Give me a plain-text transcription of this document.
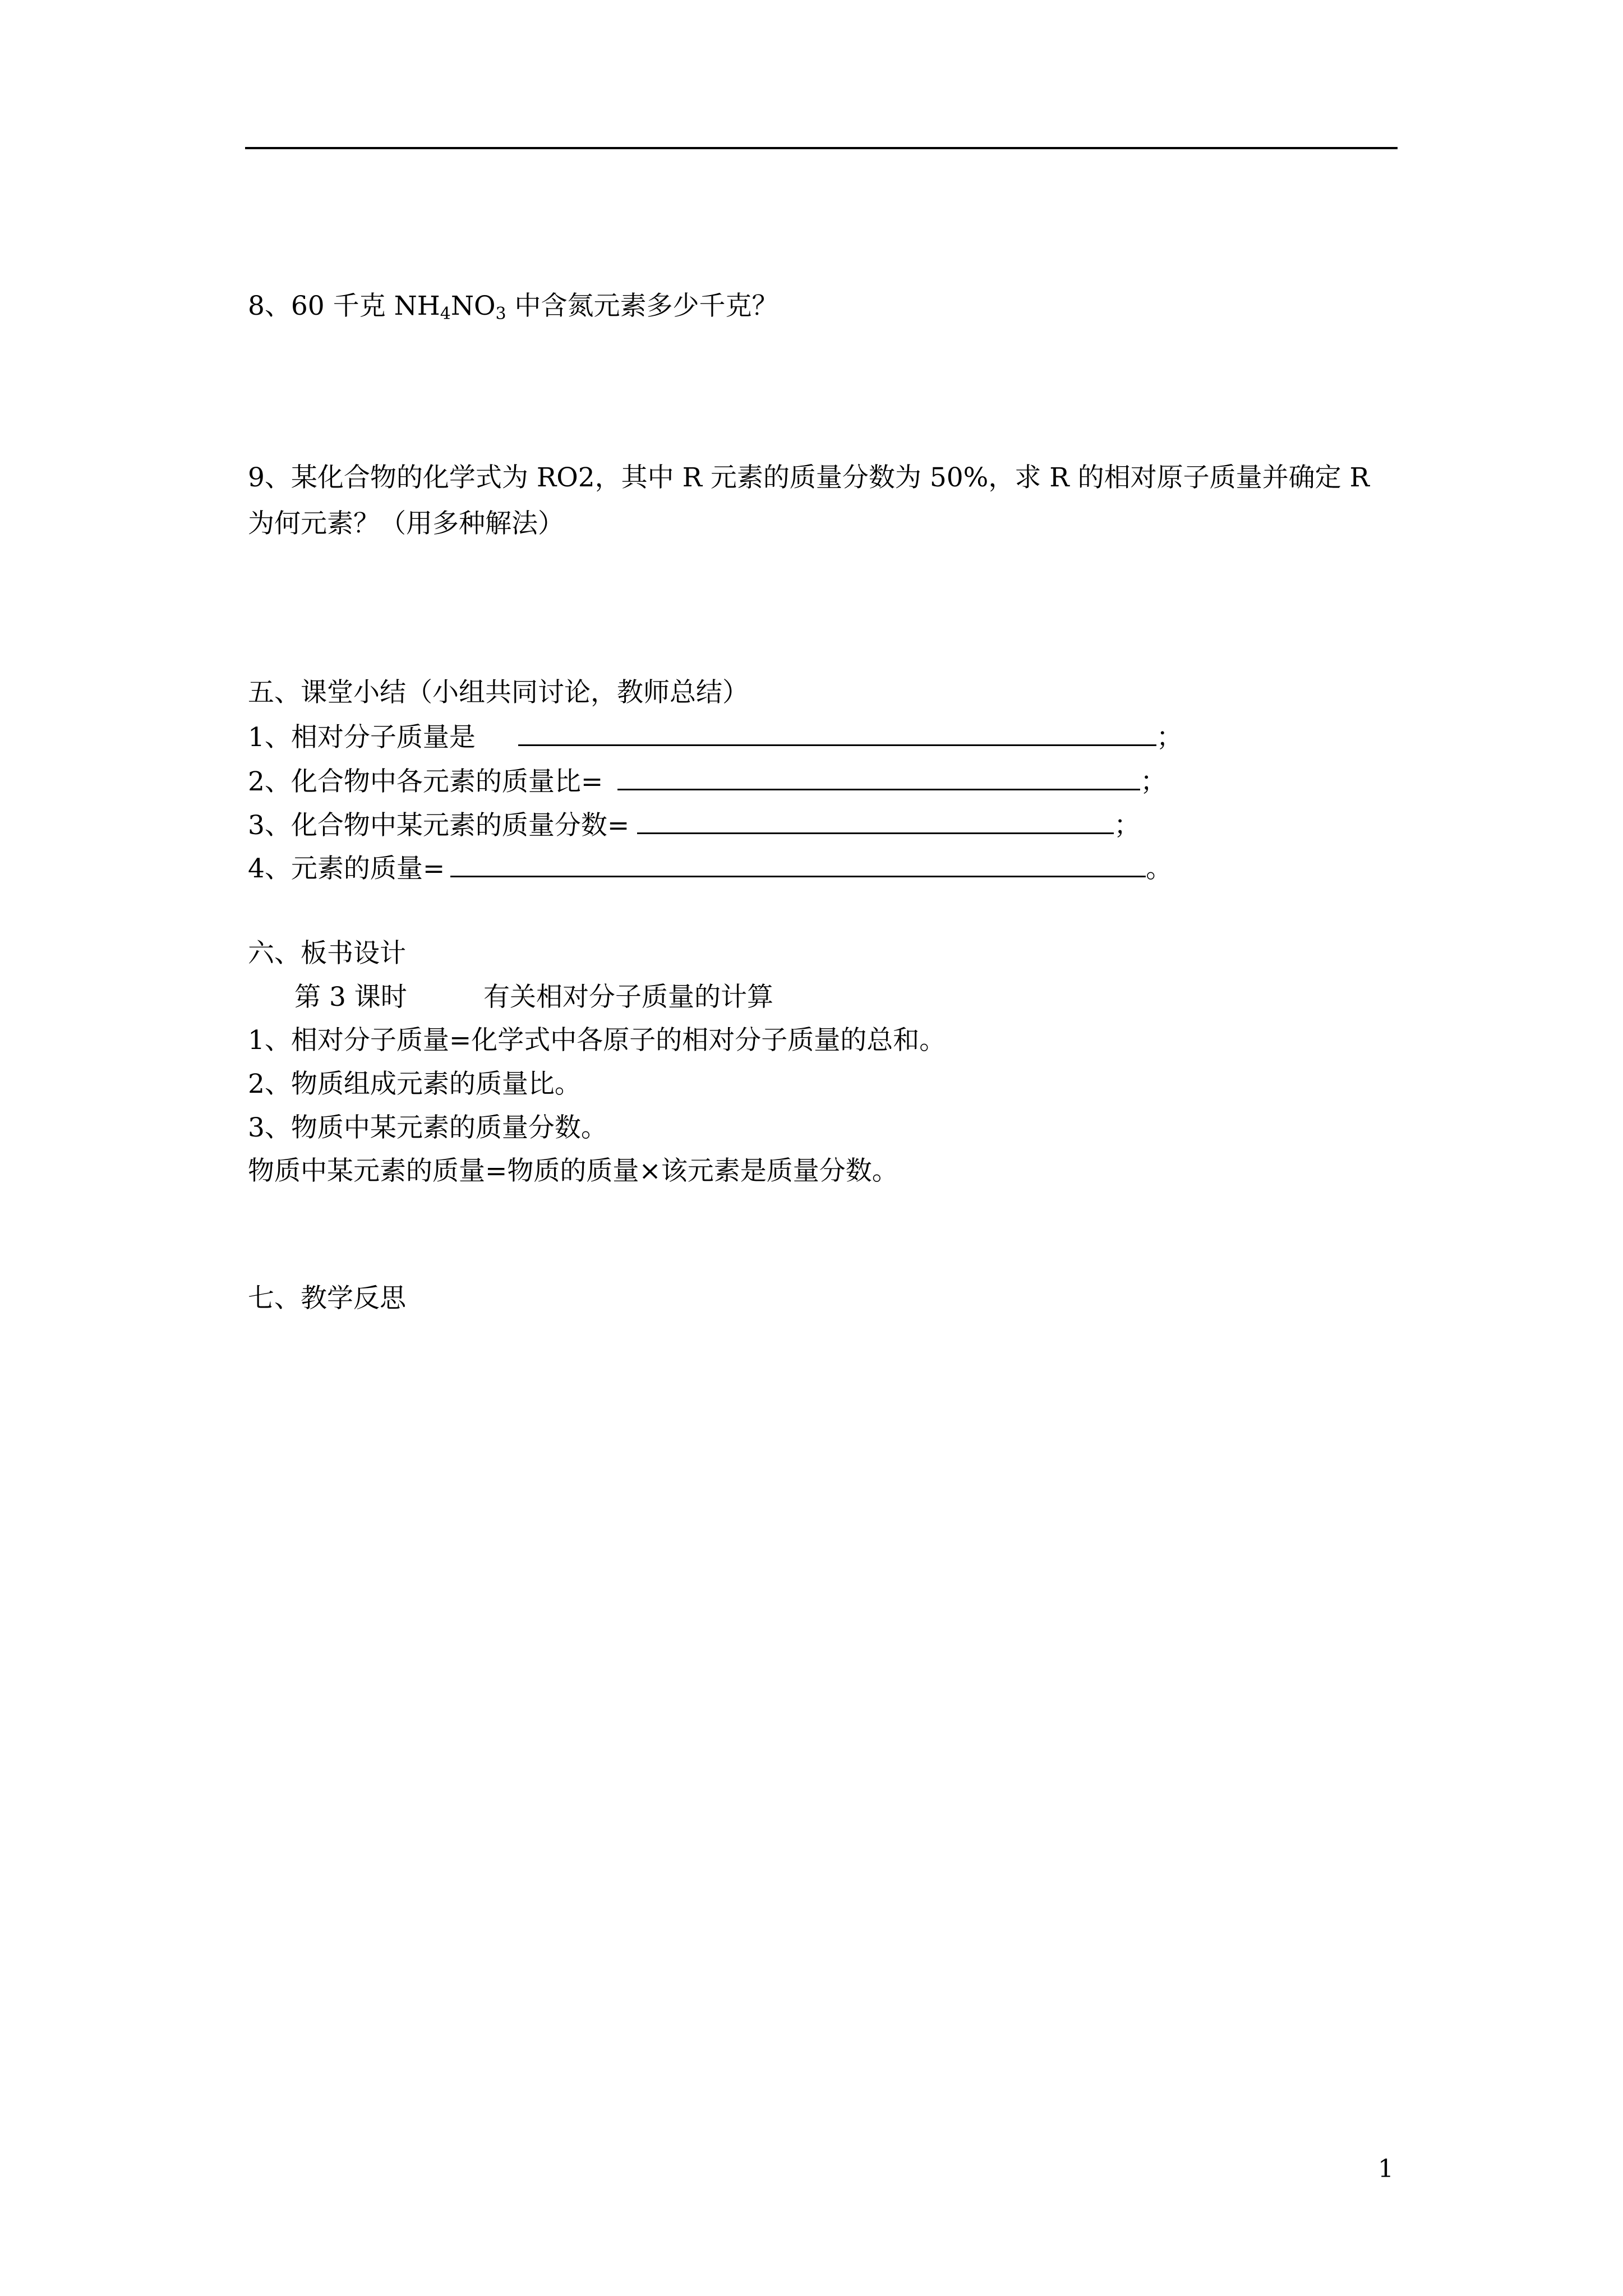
8、60 千克 $NH_4NO_3$ 中含氮元素多少千克？
9、某化合物的化学式为 RO2，其中 R 元素的质量分数为 50%，求 R 的相对原子质量并确定 R
为何元素？（用多种解法）
五、课堂小结（小组共同讨论，教师总结）
1、相对分子质量是	；
2、化合物中各元素的质量比=	；
3、化合物中某元素的质量分数=	；
4、元素的质量=	。
六、板书设计
第 3 课时	有关相对分子质量的计算
1、相对分子质量=化学式中各原子的相对分子质量的总和。
2、物质组成元素的质量比。
3、物质中某元素的质量分数。
物质中某元素的质量=物质的质量×该元素是质量分数。
七、教学反思
1
